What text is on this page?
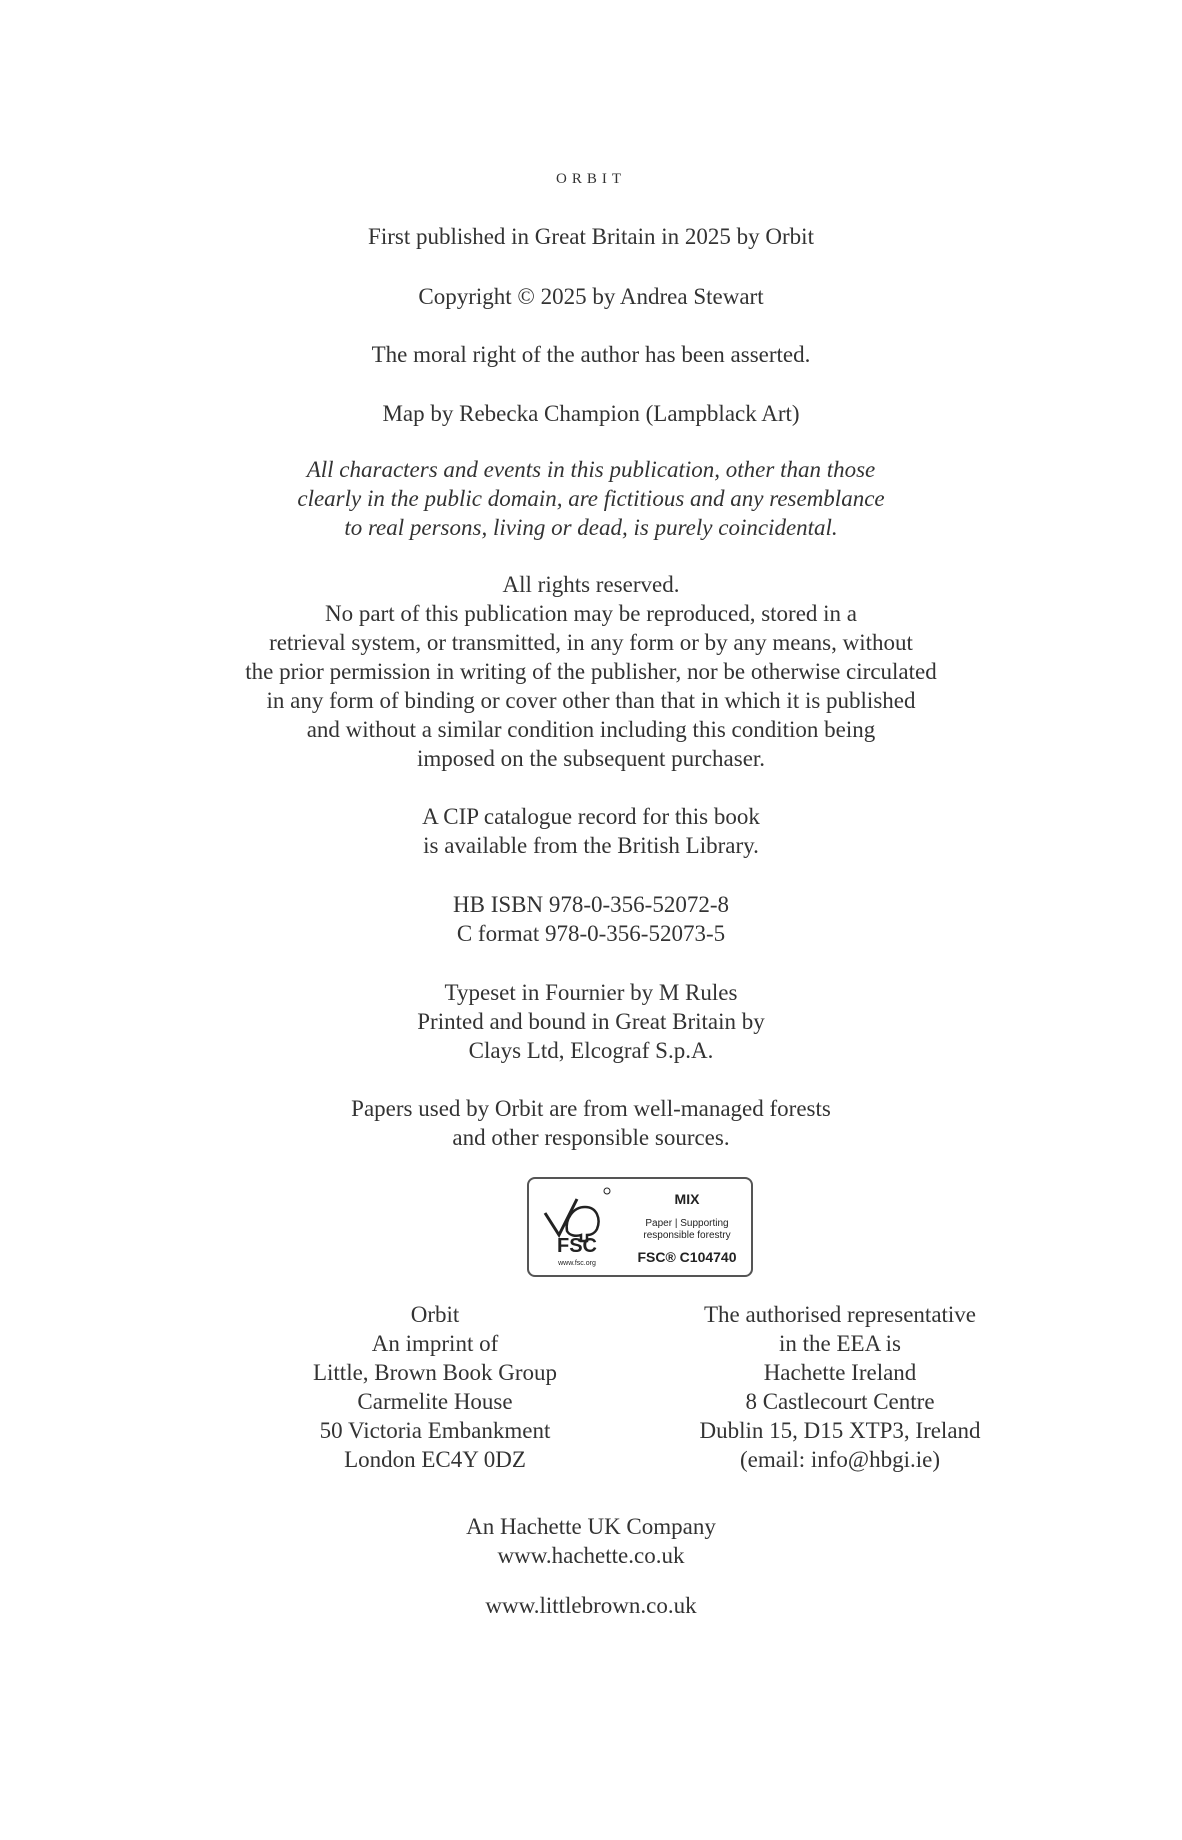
ORBIT
First published in Great Britain in 2025 by Orbit
Copyright © 2025 by Andrea Stewart
The moral right of the author has been asserted.
Map by Rebecka Champion (Lampblack Art)
All characters and events in this publication, other than those
clearly in the public domain, are fictitious and any resemblance
to real persons, living or dead, is purely coincidental.
All rights reserved.
No part of this publication may be reproduced, stored in a
retrieval system, or transmitted, in any form or by any means, without
the prior permission in writing of the publisher, nor be otherwise circulated
in any form of binding or cover other than that in which it is published
and without a similar condition including this condition being
imposed on the subsequent purchaser.
A CIP catalogue record for this book
is available from the British Library.
HB ISBN 978-0-356-52072-8
C format 978-0-356-52073-5
Typeset in Fournier by M Rules
Printed and bound in Great Britain by
Clays Ltd, Elcograf S.p.A.
Papers used by Orbit are from well-managed forests
and other responsible sources.
FSC
www.fsc.org
MIX
Paper | Supporting
responsible forestry
FSC® C104740
Orbit
An imprint of
Little, Brown Book Group
Carmelite House
50 Victoria Embankment
London EC4Y 0DZ
The authorised representative
in the EEA is
Hachette Ireland
8 Castlecourt Centre
Dublin 15, D15 XTP3, Ireland
(email: info@hbgi.ie)
An Hachette UK Company
www.hachette.co.uk
www.littlebrown.co.uk
